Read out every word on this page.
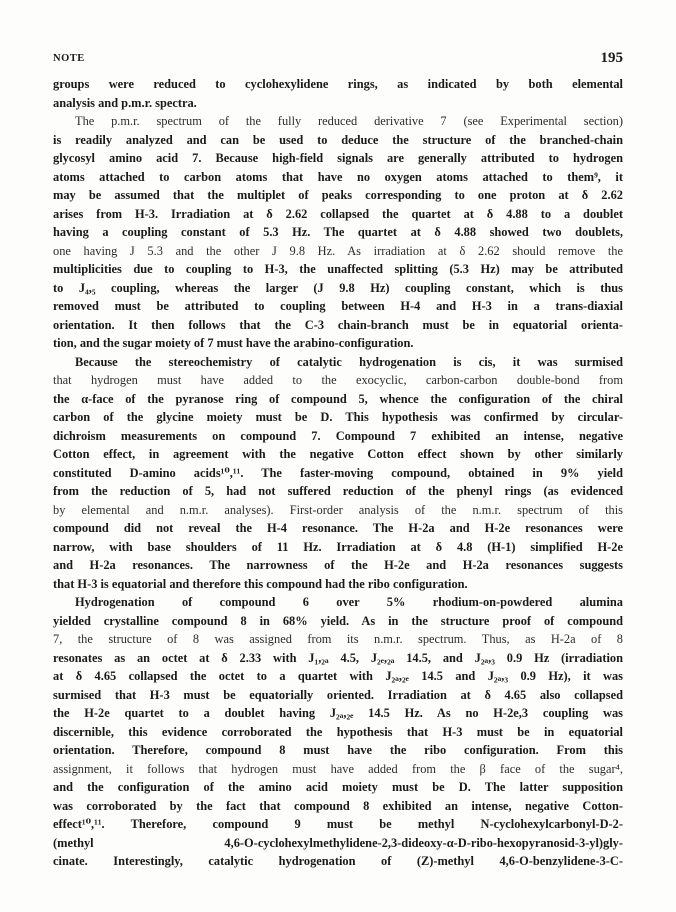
NOTE	195
groups were reduced to cyclohexylidene rings, as indicated by both elemental
analysis and p.m.r. spectra.
The p.m.r. spectrum of the fully reduced derivative 7 (see Experimental section)
is readily analyzed and can be used to deduce the structure of the branched-chain
glycosyl amino acid 7. Because high-field signals are generally attributed to hydrogen
atoms attached to carbon atoms that have no oxygen atoms attached to them⁹, it
may be assumed that the multiplet of peaks corresponding to one proton at δ 2.62
arises from H-3. Irradiation at δ 2.62 collapsed the quartet at δ 4.88 to a doublet
having a coupling constant of 5.3 Hz. The quartet at δ 4.88 showed two doublets,
one having J 5.3 and the other J 9.8 Hz. As irradiation at δ 2.62 should remove the
multiplicities due to coupling to H-3, the unaffected splitting (5.3 Hz) may be attributed
to J₄,₅ coupling, whereas the larger (J 9.8 Hz) coupling constant, which is thus
removed must be attributed to coupling between H-4 and H-3 in a trans-diaxial
orientation. It then follows that the C-3 chain-branch must be in equatorial orienta-
tion, and the sugar moiety of 7 must have the arabino-configuration.
Because the stereochemistry of catalytic hydrogenation is cis, it was surmised
that hydrogen must have added to the exocyclic, carbon-carbon double-bond from
the α-face of the pyranose ring of compound 5, whence the configuration of the chiral
carbon of the glycine moiety must be D. This hypothesis was confirmed by circular-
dichroism measurements on compound 7. Compound 7 exhibited an intense, negative
Cotton effect, in agreement with the negative Cotton effect shown by other similarly
constituted D-amino acids¹⁰,¹¹. The faster-moving compound, obtained in 9% yield
from the reduction of 5, had not suffered reduction of the phenyl rings (as evidenced
by elemental and n.m.r. analyses). First-order analysis of the n.m.r. spectrum of this
compound did not reveal the H-4 resonance. The H-2a and H-2e resonances were
narrow, with base shoulders of 11 Hz. Irradiation at δ 4.8 (H-1) simplified H-2e
and H-2a resonances. The narrowness of the H-2e and H-2a resonances suggests
that H-3 is equatorial and therefore this compound had the ribo configuration.
Hydrogenation of compound 6 over 5% rhodium-on-powdered alumina
yielded crystalline compound 8 in 68% yield. As in the structure proof of compound
7, the structure of 8 was assigned from its n.m.r. spectrum. Thus, as H-2a of 8
resonates as an octet at δ 2.33 with J₁,₂ₐ 4.5, J₂ₑ,₂ₐ 14.5, and J₂ₐ,₃ 0.9 Hz (irradiation
at δ 4.65 collapsed the octet to a quartet with J₂ₐ,₂ₑ 14.5 and J₂ₐ,₃ 0.9 Hz), it was
surmised that H-3 must be equatorially oriented. Irradiation at δ 4.65 also collapsed
the H-2e quartet to a doublet having J₂ₐ,₂ₑ 14.5 Hz. As no H-2e,3 coupling was
discernible, this evidence corroborated the hypothesis that H-3 must be in equatorial
orientation. Therefore, compound 8 must have the ribo configuration. From this
assignment, it follows that hydrogen must have added from the β face of the sugar⁴,
and the configuration of the amino acid moiety must be D. The latter supposition
was corroborated by the fact that compound 8 exhibited an intense, negative Cotton-
effect¹⁰,¹¹. Therefore, compound 9 must be methyl N-cyclohexylcarbonyl-D-2-
(methyl 4,6-O-cyclohexylmethylidene-2,3-dideoxy-α-D-ribo-hexopyranosid-3-yl)gly-
cinate. Interestingly, catalytic hydrogenation of (Z)-methyl 4,6-O-benzylidene-3-C-
